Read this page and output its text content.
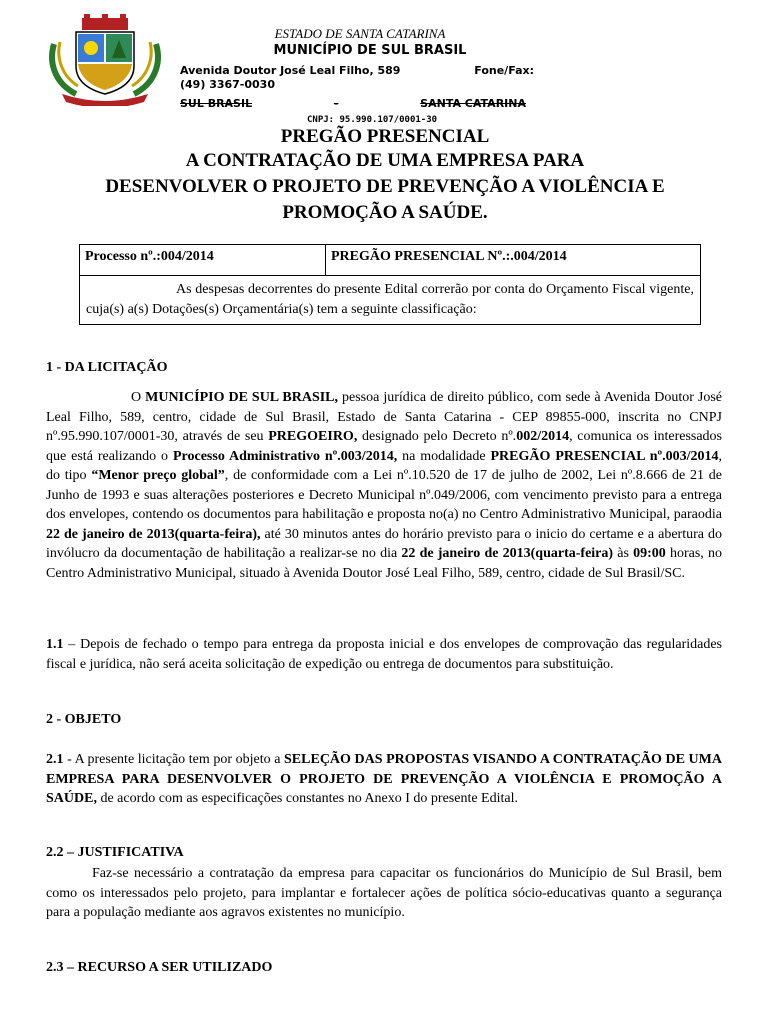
ESTADO DE SANTA CATARINA
MUNICÍPIO DE SUL BRASIL
Avenida Doutor José Leal Filho, 589	Fone/Fax:
(49) 3367-0030
SUL BRASIL	-	SANTA CATARINA
CNPJ: 95.990.107/0001-30
PREGÃO PRESENCIAL
A CONTRATAÇÃO DE UMA EMPRESA PARA
DESENVOLVER O PROJETO DE PREVENÇÃO A VIOLÊNCIA E
PROMOÇÃO A SAÚDE.
Processo nº.:004/2014	PREGÃO PRESENCIAL Nº.:.004/2014
As despesas decorrentes do presente Edital correrão por conta do Orçamento Fiscal vigente, cuja(s) a(s) Dotações(s) Orçamentária(s) tem a seguinte classificação:
1 - DA LICITAÇÃO
O MUNICÍPIO DE SUL BRASIL, pessoa jurídica de direito público, com sede à Avenida Doutor José Leal Filho, 589, centro, cidade de Sul Brasil, Estado de Santa Catarina - CEP 89855-000, inscrita no CNPJ nº.95.990.107/0001-30, através de seu PREGOEIRO, designado pelo Decreto nº.002/2014, comunica os interessados que está realizando o Processo Administrativo nº.003/2014, na modalidade PREGÃO PRESENCIAL nº.003/2014, do tipo “Menor preço global”, de conformidade com a Lei nº.10.520 de 17 de julho de 2002, Lei nº.8.666 de 21 de Junho de 1993 e suas alterações posteriores e Decreto Municipal nº.049/2006, com vencimento previsto para a entrega dos envelopes, contendo os documentos para habilitação e proposta no(a) no Centro Administrativo Municipal, paraodia 22 de janeiro de 2013(quarta-feira), até 30 minutos antes do horário previsto para o inicio do certame e a abertura do invólucro da documentação de habilitação a realizar-se no dia 22 de janeiro de 2013(quarta-feira) às 09:00 horas, no Centro Administrativo Municipal, situado à Avenida Doutor José Leal Filho, 589, centro, cidade de Sul Brasil/SC.
1.1 – Depois de fechado o tempo para entrega da proposta inicial e dos envelopes de comprovação das regularidades fiscal e jurídica, não será aceita solicitação de expedição ou entrega de documentos para substituição.
2 - OBJETO
2.1 - A presente licitação tem por objeto a SELEÇÃO DAS PROPOSTAS VISANDO A CONTRATAÇÃO DE UMA EMPRESA PARA DESENVOLVER O PROJETO DE PREVENÇÃO A VIOLÊNCIA E PROMOÇÃO A SAÚDE, de acordo com as especificações constantes no Anexo I do presente Edital.
2.2 – JUSTIFICATIVA
Faz-se necessário a contratação da empresa para capacitar os funcionários do Município de Sul Brasil, bem como os interessados pelo projeto, para implantar e fortalecer ações de política sócio-educativas quanto a segurança para a população mediante aos agravos existentes no município.
2.3 – RECURSO A SER UTILIZADO
